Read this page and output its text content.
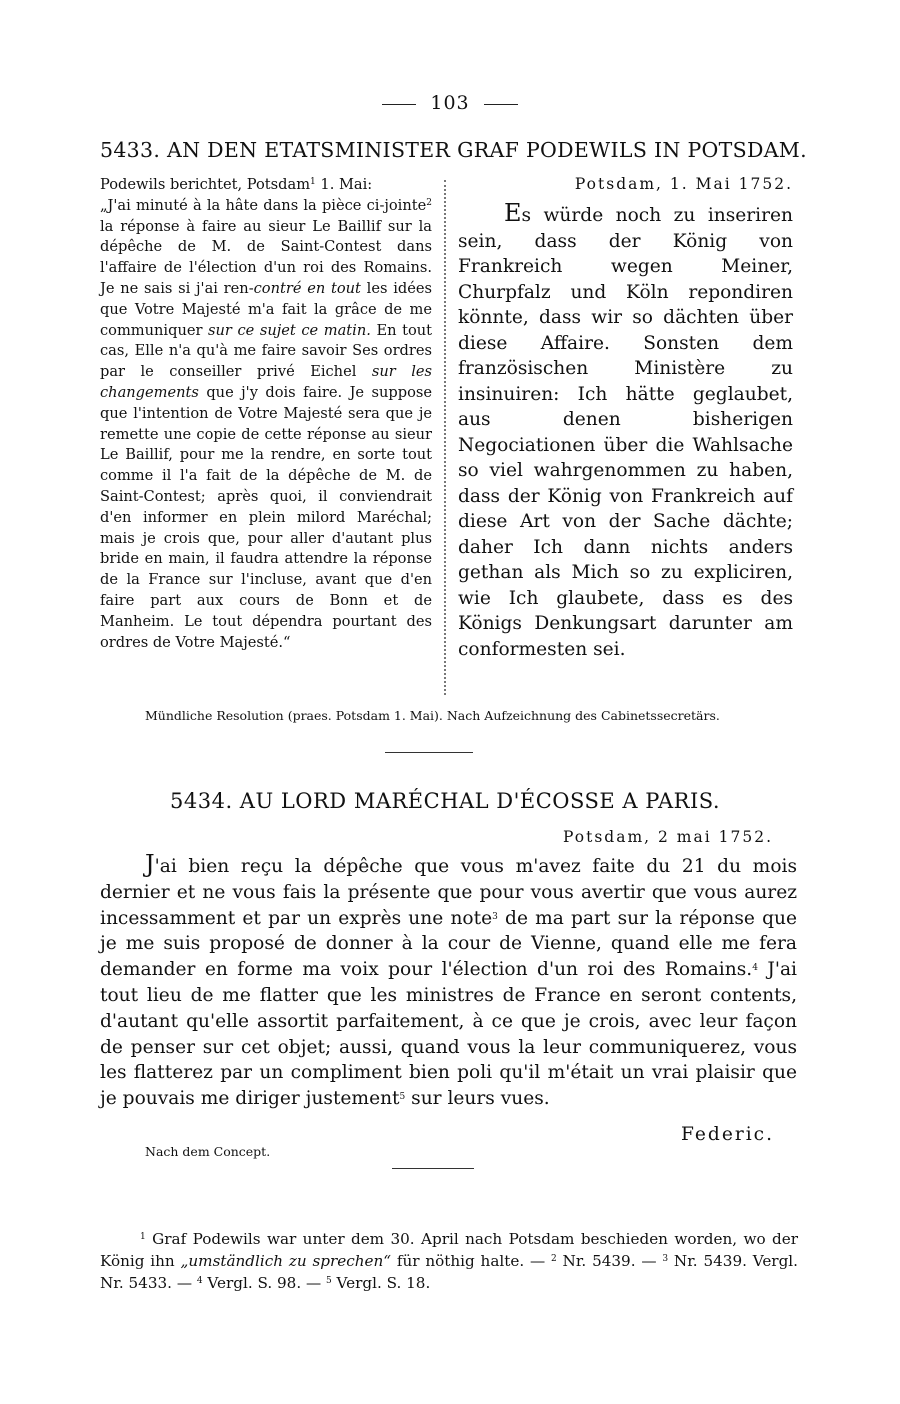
103
5433. AN DEN ETATSMINISTER GRAF PODEWILS IN POTSDAM.

Podewils berichtet, Potsdam$^1$ 1. Mai:

„J'ai minuté à la hâte dans la pièce ci-jointe$^2$ la réponse à faire au sieur Le Baillif sur la dépêche de M. de Saint-Contest dans l'affaire de l'élection d'un roi des Romains. Je ne sais si j'ai ren-contré en tout les idées que Votre Majesté m'a fait la grâce de me communiquer sur ce sujet ce matin. En tout cas, Elle n'a qu'à me faire savoir Ses ordres par le conseiller privé Eichel sur les changements que j'y dois faire. Je suppose que l'intention de Votre Majesté sera que je remette une copie de cette réponse au sieur Le Baillif, pour me la rendre, en sorte tout comme il l'a fait de la dépêche de M. de Saint-Contest; après quoi, il conviendrait d'en informer en plein milord Maréchal; mais je crois que, pour aller d'autant plus bride en main, il faudra attendre la réponse de la France sur l'incluse, avant que d'en faire part aux cours de Bonn et de Manheim. Le tout dépendra pourtant des ordres de Votre Majesté.“

Potsdam, 1. Mai 1752.

Es würde noch zu inseriren sein, dass der König von Frankreich wegen Meiner, Churpfalz und Köln repondiren könnte, dass wir so dächten über diese Affaire. Sonsten dem französischen Ministère zu insinuiren: Ich hätte geglaubet, aus denen bisherigen Negociationen über die Wahlsache so viel wahrgenommen zu haben, dass der König von Frankreich auf diese Art von der Sache dächte; daher Ich dann nichts anders gethan als Mich so zu expliciren, wie Ich glaubete, dass es des Königs Denkungsart darunter am conformesten sei.

Mündliche Resolution (praes. Potsdam 1. Mai). Nach Aufzeichnung des Cabinetssecretärs.
5434. AU LORD MARÉCHAL D'ÉCOSSE A PARIS.
Potsdam, 2 mai 1752.

J'ai bien reçu la dépêche que vous m'avez faite du 21 du mois dernier et ne vous fais la présente que pour vous avertir que vous aurez incessamment et par un exprès une note$^3$ de ma part sur la réponse que je me suis proposé de donner à la cour de Vienne, quand elle me fera demander en forme ma voix pour l'élection d'un roi des Romains.$^4$ J'ai tout lieu de me flatter que les ministres de France en seront contents, d'autant qu'elle assortit parfaitement, à ce que je crois, avec leur façon de penser sur cet objet; aussi, quand vous la leur communiquerez, vous les flatterez par un compliment bien poli qu'il m'était un vrai plaisir que je pouvais me diriger justement$^5$ sur leurs vues.

Federic.
Nach dem Concept.

$^1$ Graf Podewils war unter dem 30. April nach Potsdam beschieden worden, wo der König ihn „umständlich zu sprechen“ für nöthig halte. — $^2$ Nr. 5439. — $^3$ Nr. 5439. Vergl. Nr. 5433. — $^4$ Vergl. S. 98. — $^5$ Vergl. S. 18.
